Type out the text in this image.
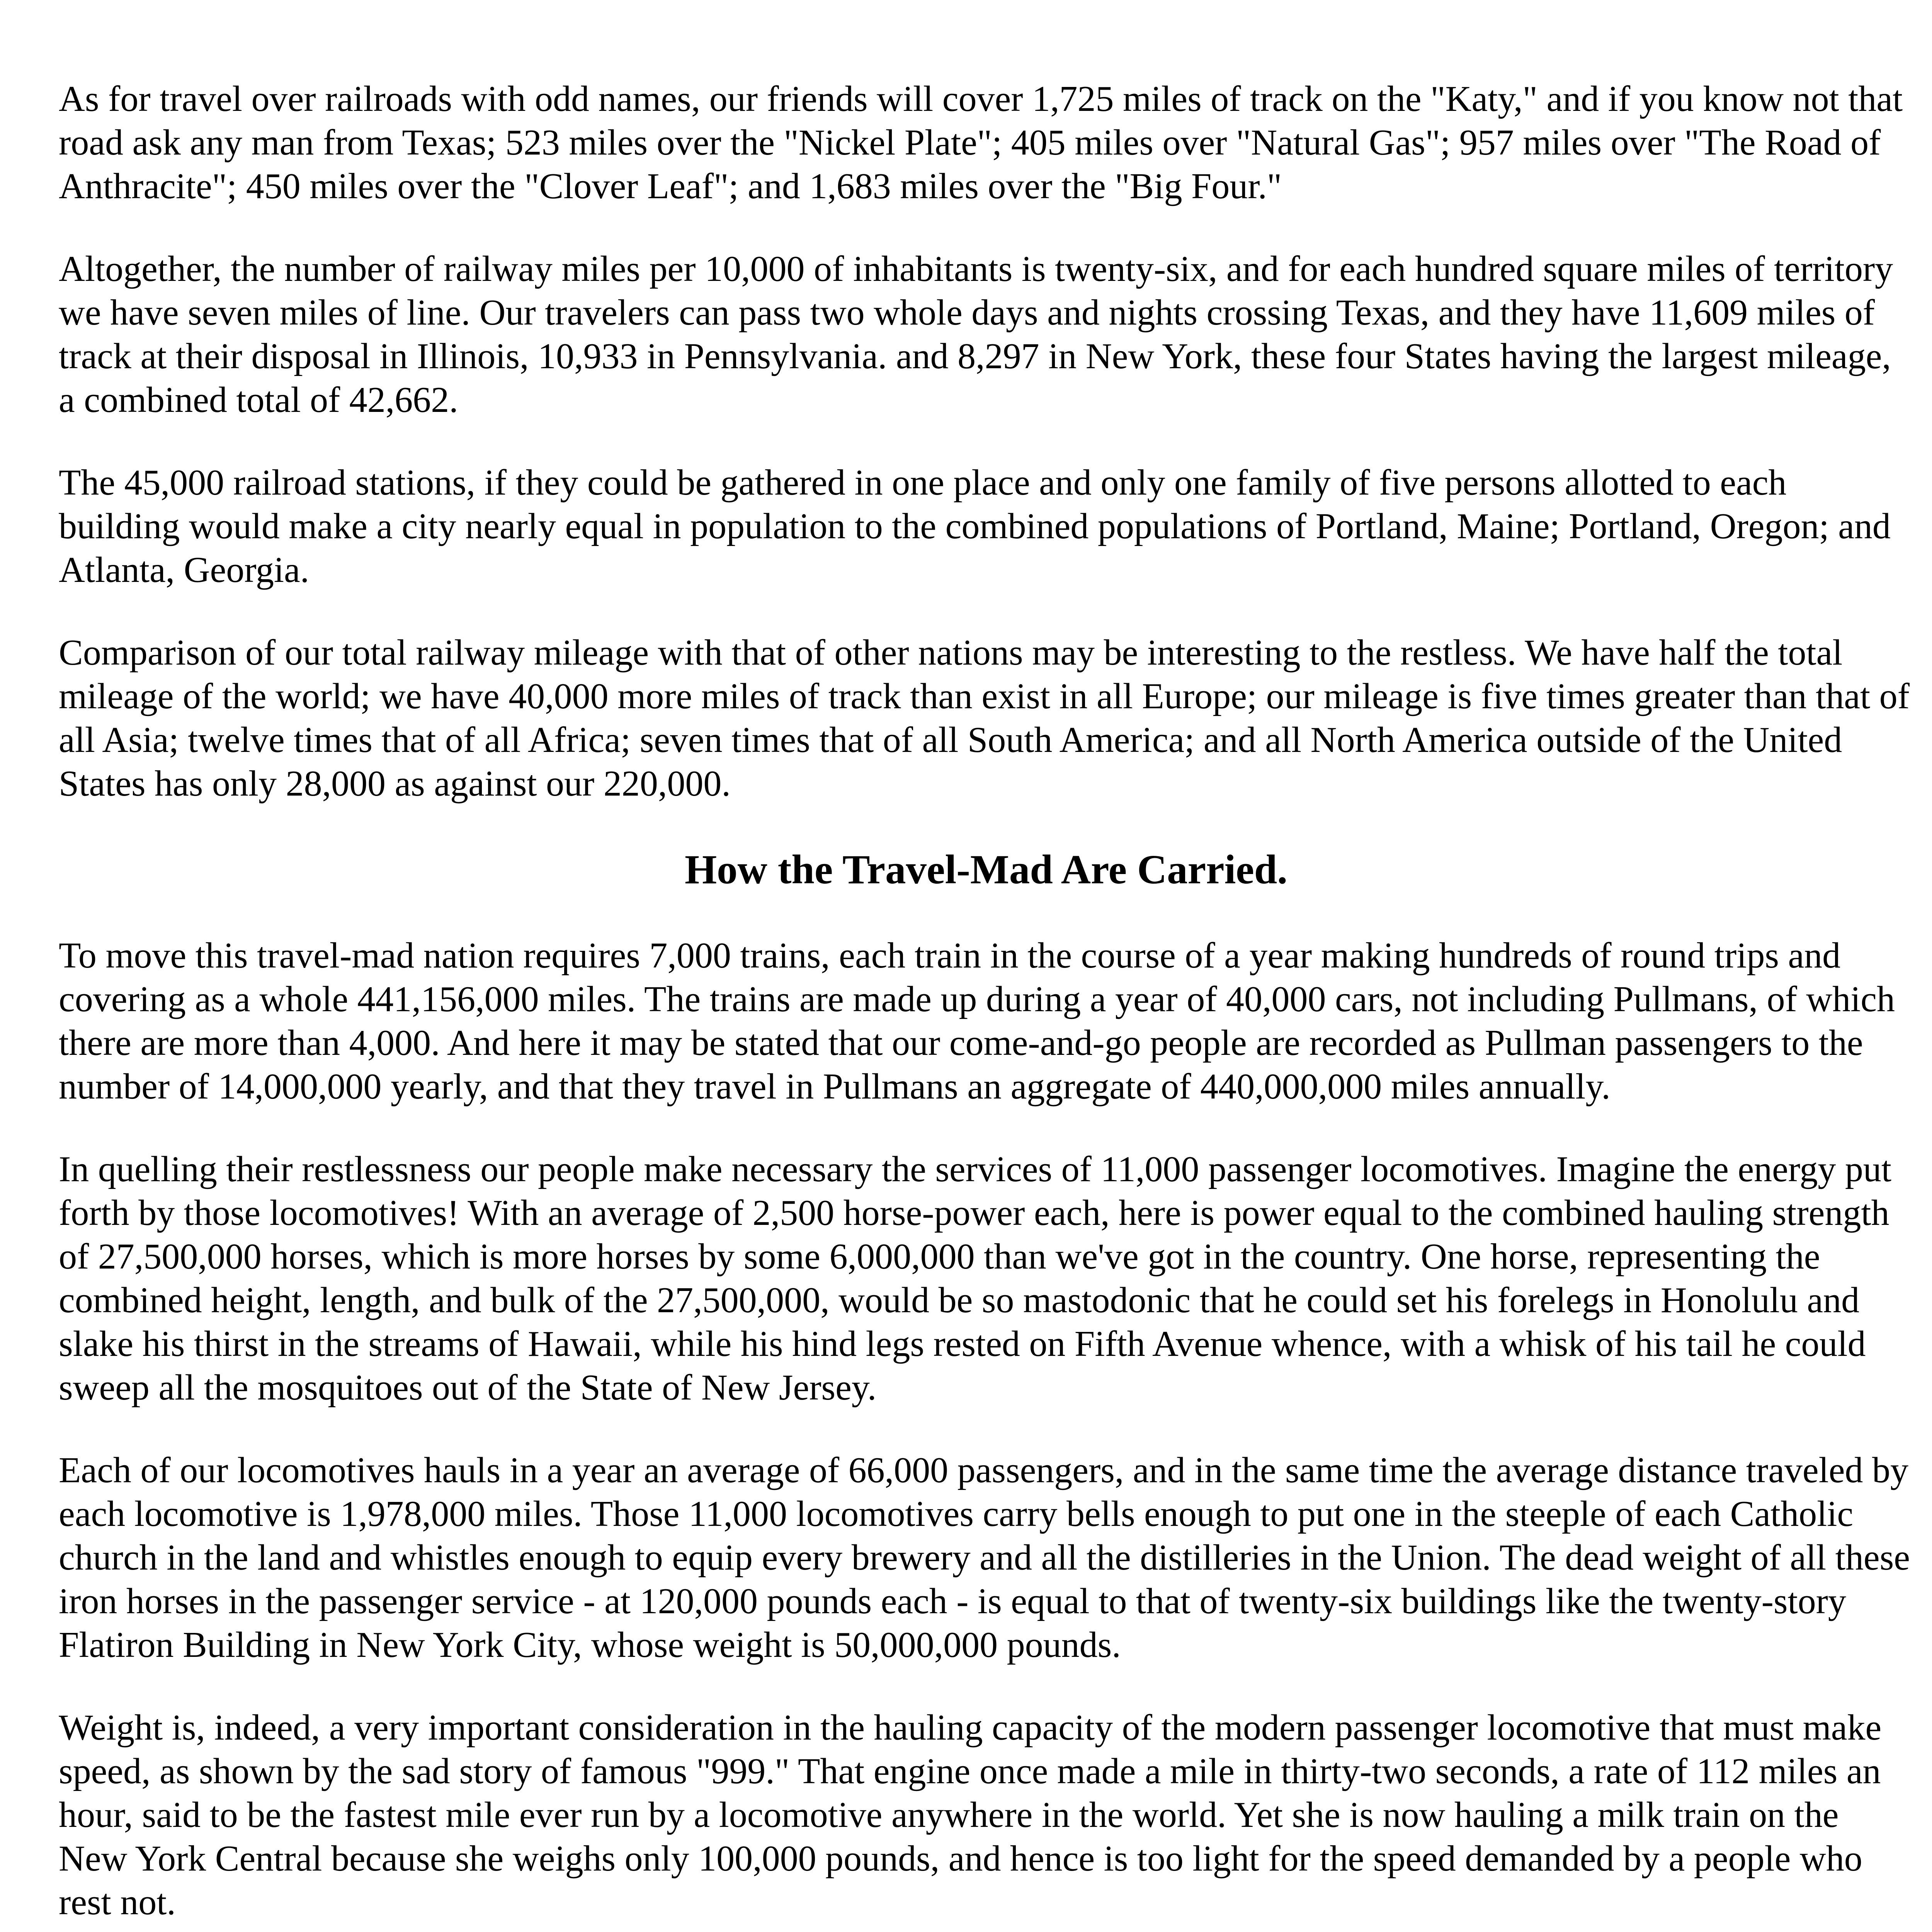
As for travel over railroads with odd names, our friends will cover 1,725 miles of track on the "Katy," and if you know not that road ask any man from Texas; 523 miles over the "Nickel Plate"; 405 miles over "Natural Gas"; 957 miles over "The Road of Anthracite"; 450 miles over the "Clover Leaf"; and 1,683 miles over the "Big Four."

Altogether, the number of railway miles per 10,000 of inhabitants is twenty-six, and for each hundred square miles of territory we have seven miles of line. Our travelers can pass two whole days and nights crossing Texas, and they have 11,609 miles of track at their disposal in Illinois, 10,933 in Pennsylvania. and 8,297 in New York, these four States having the largest mileage, a combined total of 42,662.

The 45,000 railroad stations, if they could be gathered in one place and only one family of five persons allotted to each building would make a city nearly equal in population to the combined populations of Portland, Maine; Portland, Oregon; and Atlanta, Georgia.

Comparison of our total railway mileage with that of other nations may be interesting to the restless. We have half the total mileage of the world; we have 40,000 more miles of track than exist in all Europe; our mileage is five times greater than that of all Asia; twelve times that of all Africa; seven times that of all South America; and all North America outside of the United States has only 28,000 as against our 220,000.

How the Travel-Mad Are Carried.

To move this travel-mad nation requires 7,000 trains, each train in the course of a year making hundreds of round trips and covering as a whole 441,156,000 miles. The trains are made up during a year of 40,000 cars, not including Pullmans, of which there are more than 4,000. And here it may be stated that our come-and-go people are recorded as Pullman passengers to the number of 14,000,000 yearly, and that they travel in Pullmans an aggregate of 440,000,000 miles annually.

In quelling their restlessness our people make necessary the services of 11,000 passenger locomotives. Imagine the energy put forth by those locomotives! With an average of 2,500 horse-power each, here is power equal to the combined hauling strength of 27,500,000 horses, which is more horses by some 6,000,000 than we've got in the country. One horse, representing the combined height, length, and bulk of the 27,500,000, would be so mastodonic that he could set his forelegs in Honolulu and slake his thirst in the streams of Hawaii, while his hind legs rested on Fifth Avenue whence, with a whisk of his tail he could sweep all the mosquitoes out of the State of New Jersey.

Each of our locomotives hauls in a year an average of 66,000 passengers, and in the same time the average distance traveled by each locomotive is 1,978,000 miles. Those 11,000 locomotives carry bells enough to put one in the steeple of each Catholic church in the land and whistles enough to equip every brewery and all the distilleries in the Union. The dead weight of all these iron horses in the passenger service - at 120,000 pounds each - is equal to that of twenty-six buildings like the twenty-story Flatiron Building in New York City, whose weight is 50,000,000 pounds.

Weight is, indeed, a very important consideration in the hauling capacity of the modern passenger locomotive that must make speed, as shown by the sad story of famous "999." That engine once made a mile in thirty-two seconds, a rate of 112 miles an hour, said to be the fastest mile ever run by a locomotive anywhere in the world. Yet she is now hauling a milk train on the New York Central because she weighs only 100,000 pounds, and hence is too light for the speed demanded by a people who rest not.
